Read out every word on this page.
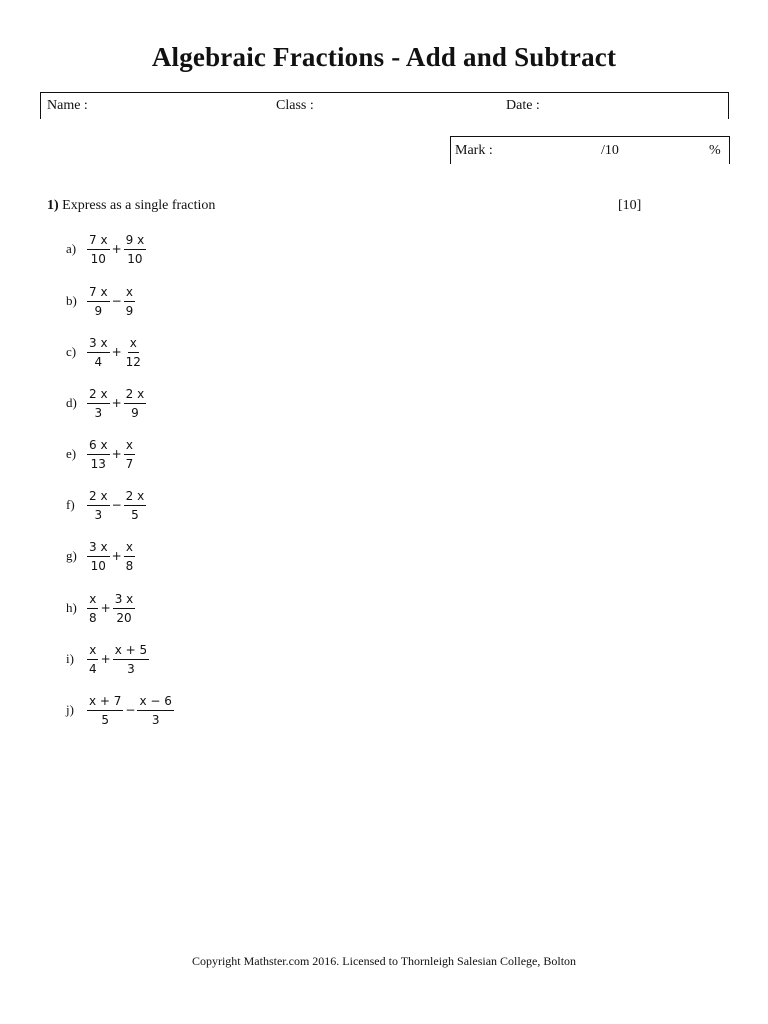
Algebraic Fractions - Add and Subtract
Name :	Class :	Date :
Mark :	/10	%
1) Express as a single fraction	[10]
$a) \frac{7 x}{10} + \frac{9 x}{10}$
$b) \frac{7 x}{9} - \frac{x}{9}$
$c) \frac{3 x}{4} + \frac{x}{12}$
$d) \frac{2 x}{3} + \frac{2 x}{9}$
$e) \frac{6 x}{13} + \frac{x}{7}$
f)	$\frac{2 x}{3} - \frac{2 x}{5}$
$g) \frac{3 x}{10} + \frac{x}{8}$
$h) \frac{x}{8} + \frac{3 x}{20}$
i)	$\frac{x}{4} + \frac{x + 5}{3}$
j)	$\frac{x + 7}{5} - \frac{x - 6}{3}$
Copyright Mathster.com 2016. Licensed to Thornleigh Salesian College, Bolton
